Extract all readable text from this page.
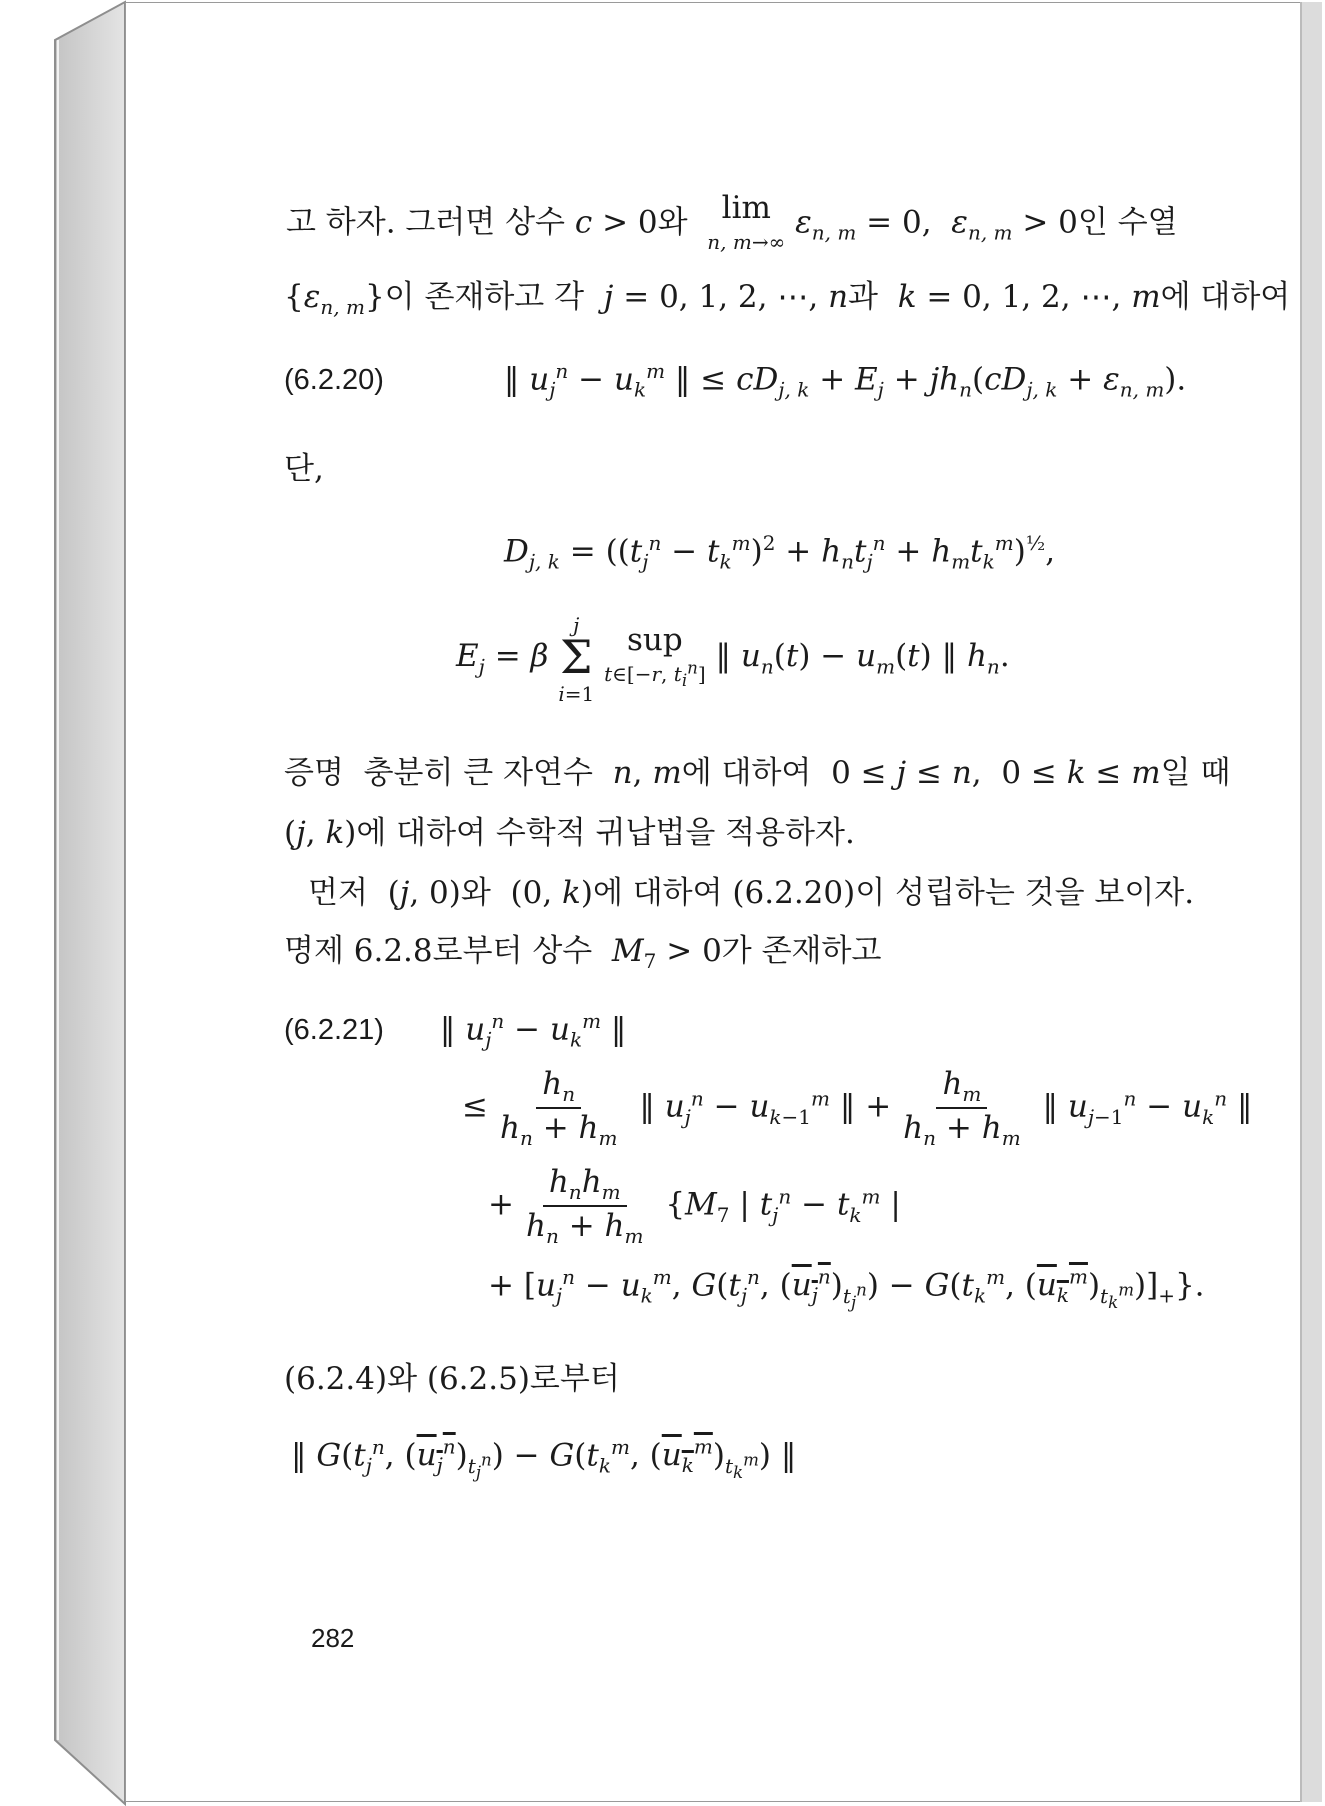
고 하자. 그러면 상수 c > 0와  lim
n, m→∞ $\varepsilon_{n, m} = 0$,  $\varepsilon_{n, m} > 0$인 수열
$\{\varepsilon_{n, m}\}$이 존재하고 각  j = 0, 1, 2, ⋯, n과  k = 0, 1, 2, ⋯, m에 대하여
(6.2.20)	‖ $u_j^n - u_k^m$ ‖ ≤ $cD_{j, k} + E_j + jh_n(cD_{j, k} + \varepsilon_{n, m})$.
단,
$D_{j, k} = ((t_j^n - t_k^m)^2 + h_nt_j^n + h_mt_k^m)^{\frac{1}{2}}$,
$E_j = \beta$ j
Σ
i=1 sup
t∈[−r, $t_i^n$] ‖ $u_n(t) - u_m(t)$ ‖ $h_n$.
증명  충분히 큰 자연수  n, m에 대하여  0 ≤ j ≤ n,  0 ≤ k ≤ m일 때
(j, k)에 대하여 수학적 귀납법을 적용하자.
먼저  (j, 0)와  (0, k)에 대하여 (6.2.20)이 성립하는 것을 보이자.
명제 6.2.8로부터 상수  $M_7 > 0$가 존재하고
(6.2.21) ‖ $u_j^n - u_k^m$ ‖
≤ $\frac{h_n}{h_n + h_m}$ ‖ $u_j^n - u_{k-1}^m$ ‖ + $\frac{h_m}{h_n + h_m}$ ‖ $u_{j-1}^n - u_k^n$ ‖
+ $\frac{h_nh_m}{h_n + h_m} \{M_7$ | $t_j^n - t_k^m$ |
+ [$u_j^n - u_k^m$, $G(t_j^n$, $(u_j^n)_{t_j^n}) - G(t_k^m$, $(u_k^m)_{t_k^m})]_+$}.
(6.2.4)와 (6.2.5)로부터
‖ $G(t_j^n$, $(u_j^n)_{t_j^n}) - G(t_k^m$, $(u_k^m)_{t_k^m}$) ‖
282
